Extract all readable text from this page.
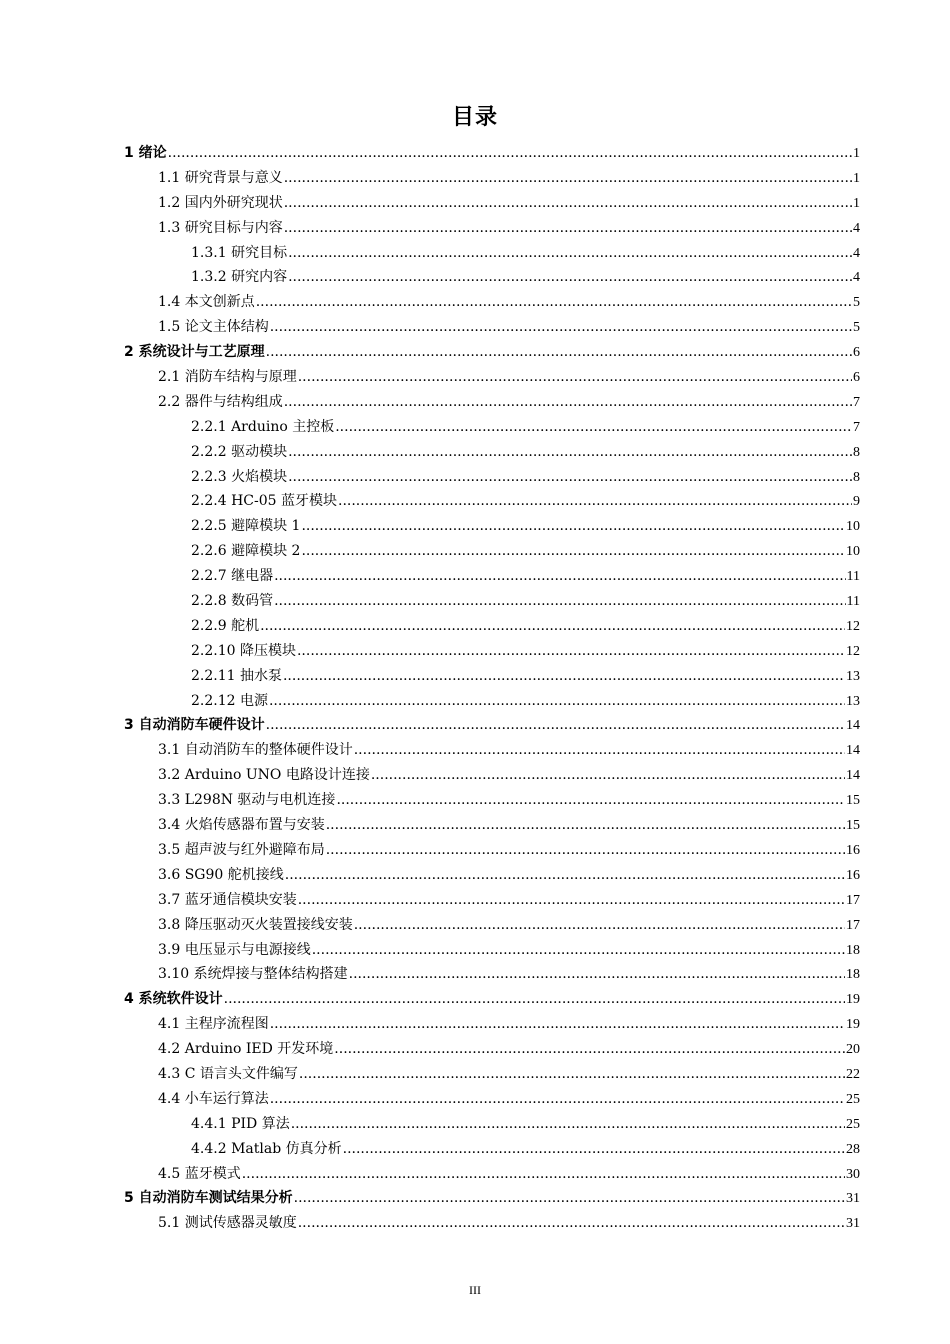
目录
1 绪论 .....	1
1.1 研究背景与意义 .....	1
1.2 国内外研究现状 .....	1
1.3 研究目标与内容 .....	4
1.3.1 研究目标 .....	4
1.3.2 研究内容 .....	4
1.4 本文创新点 .....	5
1.5 论文主体结构 .....	5
2 系统设计与工艺原理 .....	6
2.1 消防车结构与原理 .....	6
2.2 器件与结构组成 .....	7
2.2.1 Arduino 主控板 .....	7
2.2.2 驱动模块 .....	8
2.2.3 火焰模块 .....	8
2.2.4 HC-05 蓝牙模块 .....	9
2.2.5 避障模块 1 .....	10
2.2.6 避障模块 2 .....	10
2.2.7 继电器 .....	11
2.2.8 数码管 .....	11
2.2.9 舵机 .....	12
2.2.10 降压模块 .....	12
2.2.11 抽水泵 .....	13
2.2.12 电源 .....	13
3 自动消防车硬件设计 .....	14
3.1 自动消防车的整体硬件设计 .....	14
3.2 Arduino UNO 电路设计连接 .....	14
3.3 L298N 驱动与电机连接 .....	15
3.4 火焰传感器布置与安装 .....	15
3.5 超声波与红外避障布局 .....	16
3.6 SG90 舵机接线 .....	16
3.7 蓝牙通信模块安装 .....	17
3.8 降压驱动灭火装置接线安装 .....	17
3.9 电压显示与电源接线 .....	18
3.10 系统焊接与整体结构搭建 .....	18
4 系统软件设计 .....	19
4.1 主程序流程图 .....	19
4.2 Arduino IED 开发环境 .....	20
4.3 C 语言头文件编写 .....	22
4.4 小车运行算法 .....	25
4.4.1 PID 算法 .....	25
4.4.2 Matlab 仿真分析 .....	28
4.5 蓝牙模式 .....	30
5 自动消防车测试结果分析 .....	31
5.1 测试传感器灵敏度 .....	31
III
